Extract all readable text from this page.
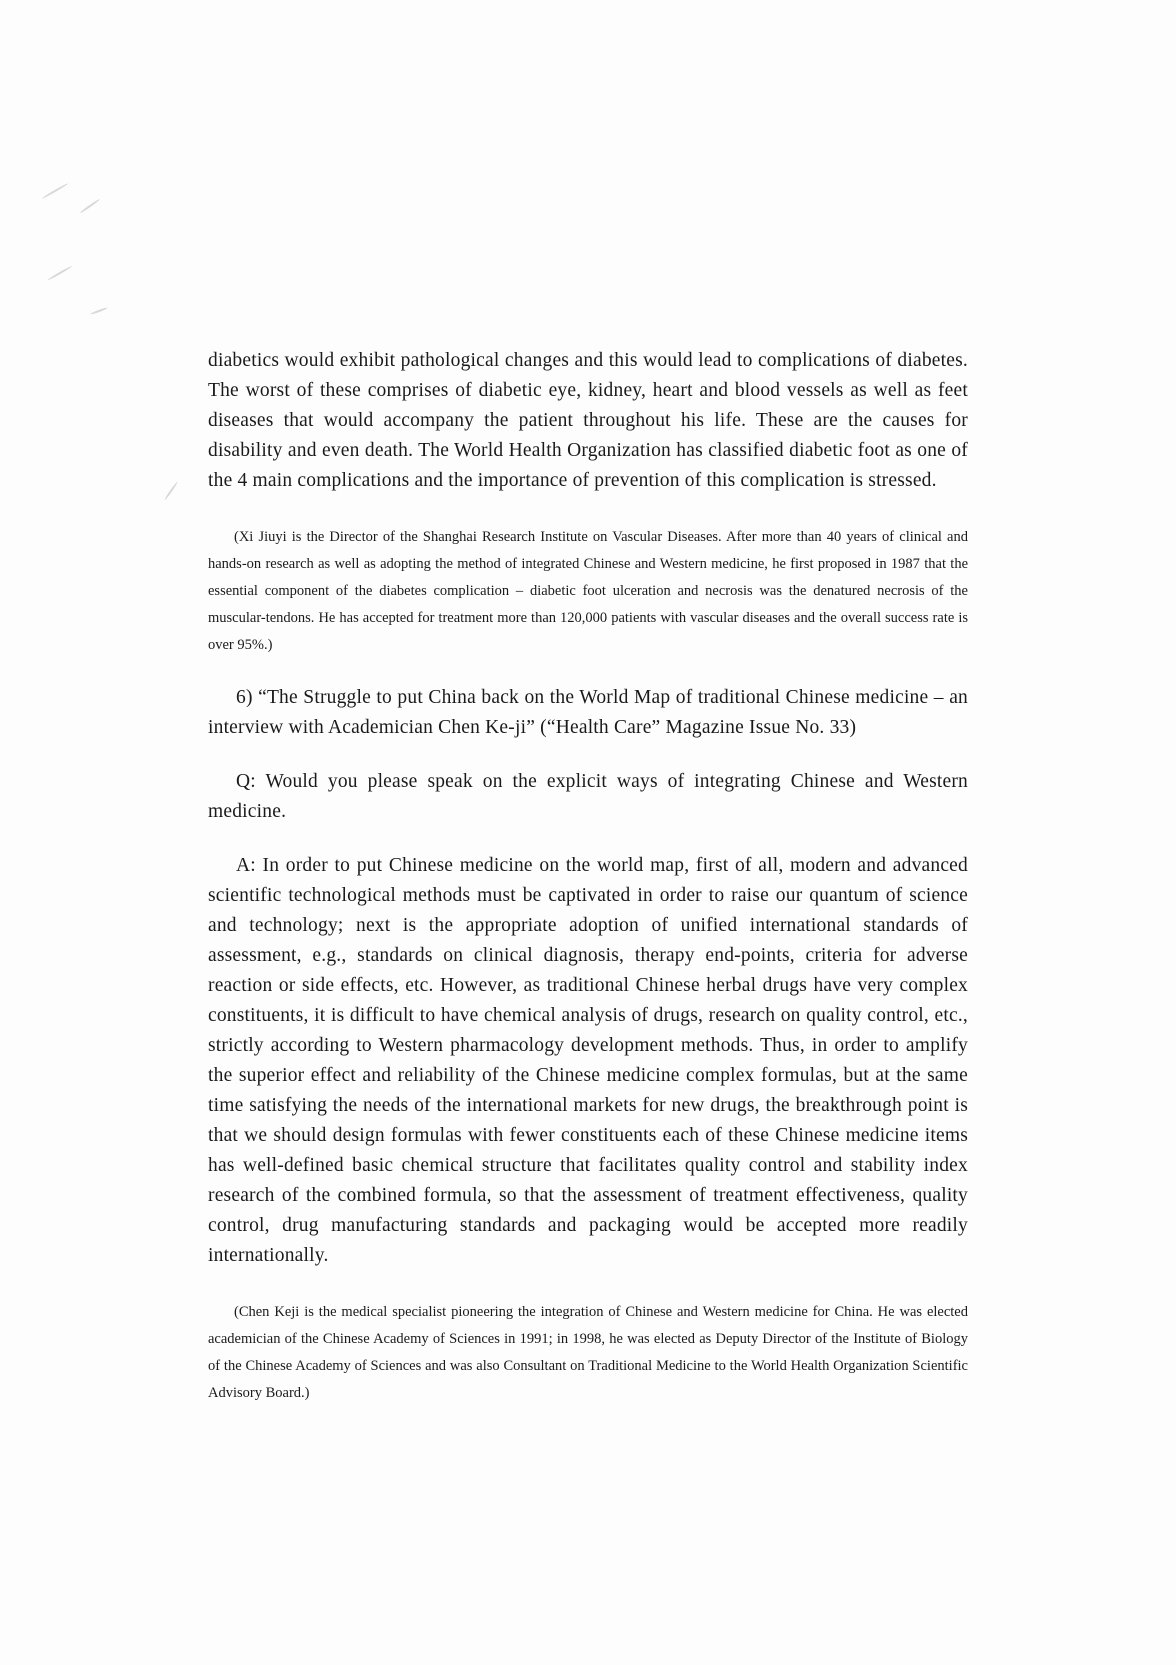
diabetics would exhibit pathological changes and this would lead to complications of diabetes. The worst of these comprises of diabetic eye, kidney, heart and blood vessels as well as feet diseases that would accompany the patient throughout his life. These are the causes for disability and even death. The World Health Organization has classified diabetic foot as one of the 4 main complications and the importance of prevention of this complication is stressed.

(Xi Jiuyi is the Director of the Shanghai Research Institute on Vascular Diseases. After more than 40 years of clinical and hands-on research as well as adopting the method of integrated Chinese and Western medicine, he first proposed in 1987 that the essential component of the diabetes complication – diabetic foot ulceration and necrosis was the denatured necrosis of the muscular-tendons. He has accepted for treatment more than 120,000 patients with vascular diseases and the overall success rate is over 95%.)

6) “The Struggle to put China back on the World Map of traditional Chinese medicine – an interview with Academician Chen Ke-ji” (“Health Care” Magazine Issue No. 33)

Q: Would you please speak on the explicit ways of integrating Chinese and Western medicine.

A: In order to put Chinese medicine on the world map, first of all, modern and advanced scientific technological methods must be captivated in order to raise our quantum of science and technology; next is the appropriate adoption of unified international standards of assessment, e.g., standards on clinical diagnosis, therapy end-points, criteria for adverse reaction or side effects, etc. However, as traditional Chinese herbal drugs have very complex constituents, it is difficult to have chemical analysis of drugs, research on quality control, etc., strictly according to Western pharmacology development methods. Thus, in order to amplify the superior effect and reliability of the Chinese medicine complex formulas, but at the same time satisfying the needs of the international markets for new drugs, the breakthrough point is that we should design formulas with fewer constituents each of these Chinese medicine items has well-defined basic chemical structure that facilitates quality control and stability index research of the combined formula, so that the assessment of treatment effectiveness, quality control, drug manufacturing standards and packaging would be accepted more readily internationally.

(Chen Keji is the medical specialist pioneering the integration of Chinese and Western medicine for China. He was elected academician of the Chinese Academy of Sciences in 1991; in 1998, he was elected as Deputy Director of the Institute of Biology of the Chinese Academy of Sciences and was also Consultant on Traditional Medicine to the World Health Organization Scientific Advisory Board.)
